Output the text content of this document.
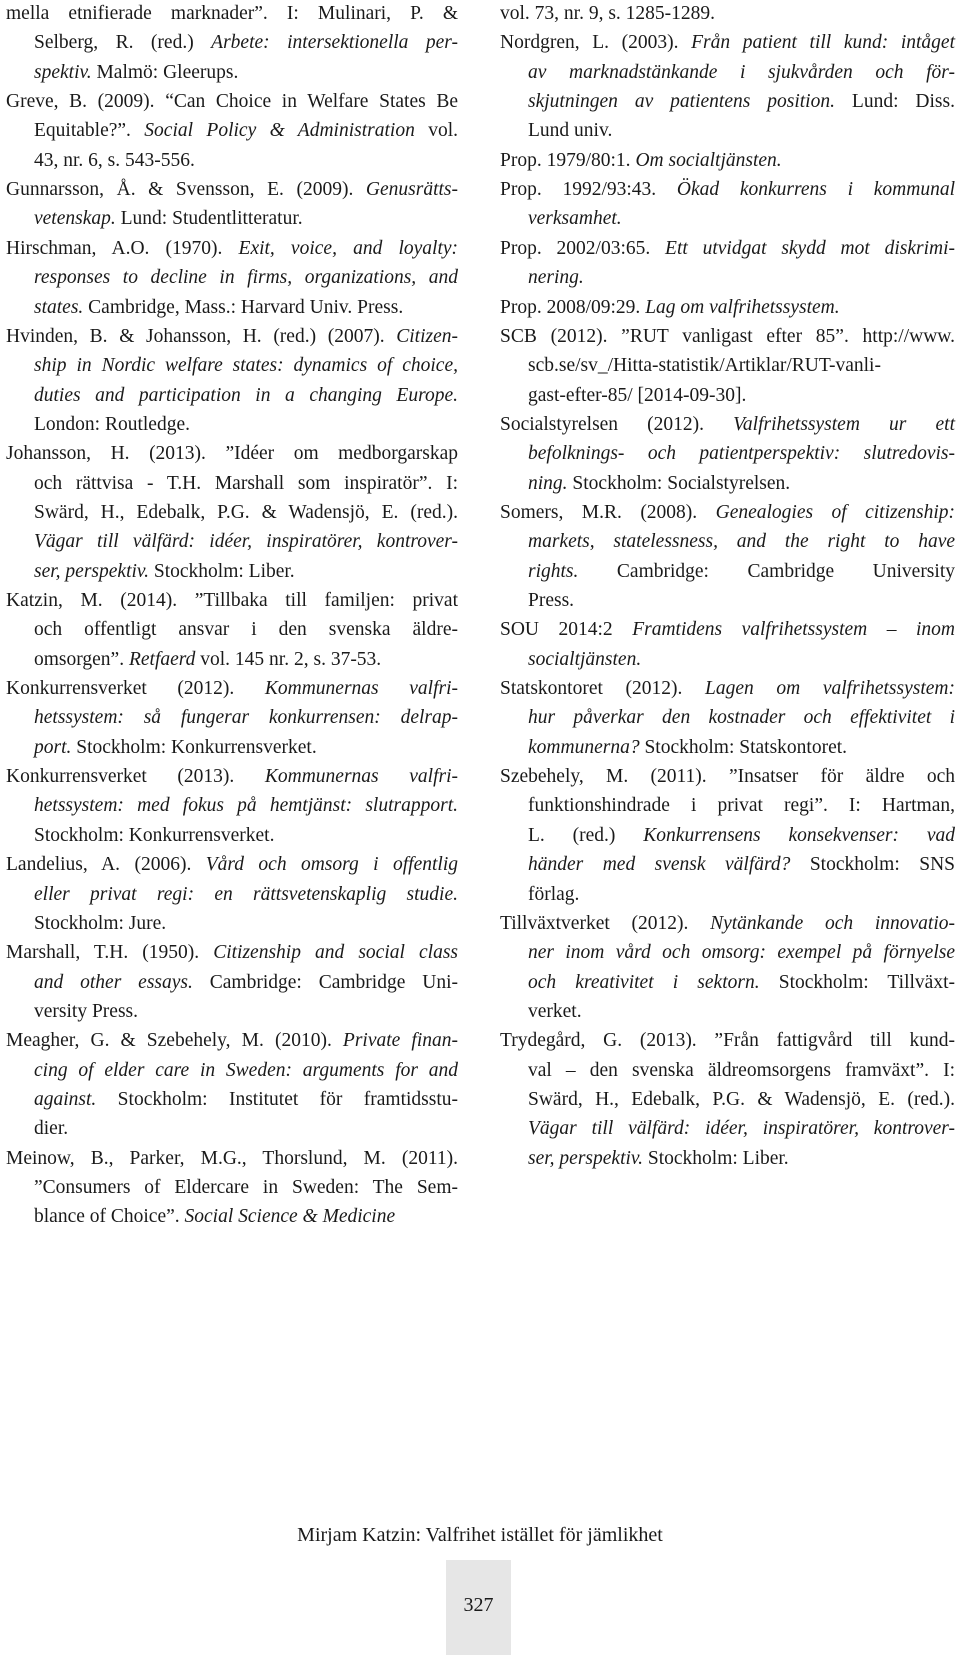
mella etnifierade marknader”. I: Mulinari, P. &
Selberg, R. (red.) Arbete: intersektionella per-
spektiv. Malmö: Gleerups.
Greve, B. (2009). “Can Choice in Welfare States Be
Equitable?”. Social Policy & Administration vol.
43, nr. 6, s. 543-556.
Gunnarsson, Å. & Svensson, E. (2009). Genusrätts-
vetenskap. Lund: Studentlitteratur.
Hirschman, A.O. (1970). Exit, voice, and loyalty:
responses to decline in firms, organizations, and
states. Cambridge, Mass.: Harvard Univ. Press.
Hvinden, B. & Johansson, H. (red.) (2007). Citizen-
ship in Nordic welfare states: dynamics of choice,
duties and participation in a changing Europe.
London: Routledge.
Johansson, H. (2013). ”Idéer om medborgarskap
och rättvisa - T.H. Marshall som inspiratör”. I:
Swärd, H., Edebalk, P.G. & Wadensjö, E. (red.).
Vägar till välfärd: idéer, inspiratörer, kontrover-
ser, perspektiv. Stockholm: Liber.
Katzin, M. (2014). ”Tillbaka till familjen: privat
och offentligt ansvar i den svenska äldre-
omsorgen”. Retfaerd vol. 145 nr. 2, s. 37-53.
Konkurrensverket (2012). Kommunernas valfri-
hetssystem: så fungerar konkurrensen: delrap-
port. Stockholm: Konkurrensverket.
Konkurrensverket (2013). Kommunernas valfri-
hetssystem: med fokus på hemtjänst: slutrapport.
Stockholm: Konkurrensverket.
Landelius, A. (2006). Vård och omsorg i offentlig
eller privat regi: en rättsvetenskaplig studie.
Stockholm: Jure.
Marshall, T.H. (1950). Citizenship and social class
and other essays. Cambridge: Cambridge Uni-
versity Press.
Meagher, G. & Szebehely, M. (2010). Private finan-
cing of elder care in Sweden: arguments for and
against. Stockholm: Institutet för framtidsstu-
dier.
Meinow, B., Parker, M.G., Thorslund, M. (2011).
”Consumers of Eldercare in Sweden: The Sem-
blance of Choice”. Social Science & Medicine
vol. 73, nr. 9, s. 1285-1289.
Nordgren, L. (2003). Från patient till kund: intåget
av marknadstänkande i sjukvården och för-
skjutningen av patientens position. Lund: Diss.
Lund univ.
Prop. 1979/80:1. Om socialtjänsten.
Prop. 1992/93:43. Ökad konkurrens i kommunal
verksamhet.
Prop. 2002/03:65. Ett utvidgat skydd mot diskrimi-
nering.
Prop. 2008/09:29. Lag om valfrihetssystem.
SCB (2012). ”RUT vanligast efter 85”. http://www.
scb.se/sv_/Hitta-statistik/Artiklar/RUT-vanli-
gast-efter-85/ [2014-09-30].
Socialstyrelsen (2012). Valfrihetssystem ur ett
befolknings- och patientperspektiv: slutredovis-
ning. Stockholm: Socialstyrelsen.
Somers, M.R. (2008). Genealogies of citizenship:
markets, statelessness, and the right to have
rights. Cambridge: Cambridge University
Press.
SOU 2014:2 Framtidens valfrihetssystem – inom
socialtjänsten.
Statskontoret (2012). Lagen om valfrihetssystem:
hur påverkar den kostnader och effektivitet i
kommunerna? Stockholm: Statskontoret.
Szebehely, M. (2011). ”Insatser för äldre och
funktionshindrade i privat regi”. I: Hartman,
L. (red.) Konkurrensens konsekvenser: vad
händer med svensk välfärd? Stockholm: SNS
förlag.
Tillväxtverket (2012). Nytänkande och innovatio-
ner inom vård och omsorg: exempel på förnyelse
och kreativitet i sektorn. Stockholm: Tillväxt-
verket.
Trydegård, G. (2013). ”Från fattigvård till kund-
val – den svenska äldreomsorgens framväxt”. I:
Swärd, H., Edebalk, P.G. & Wadensjö, E. (red.).
Vägar till välfärd: idéer, inspiratörer, kontrover-
ser, perspektiv. Stockholm: Liber.
Mirjam Katzin: Valfrihet istället för jämlikhet
327
